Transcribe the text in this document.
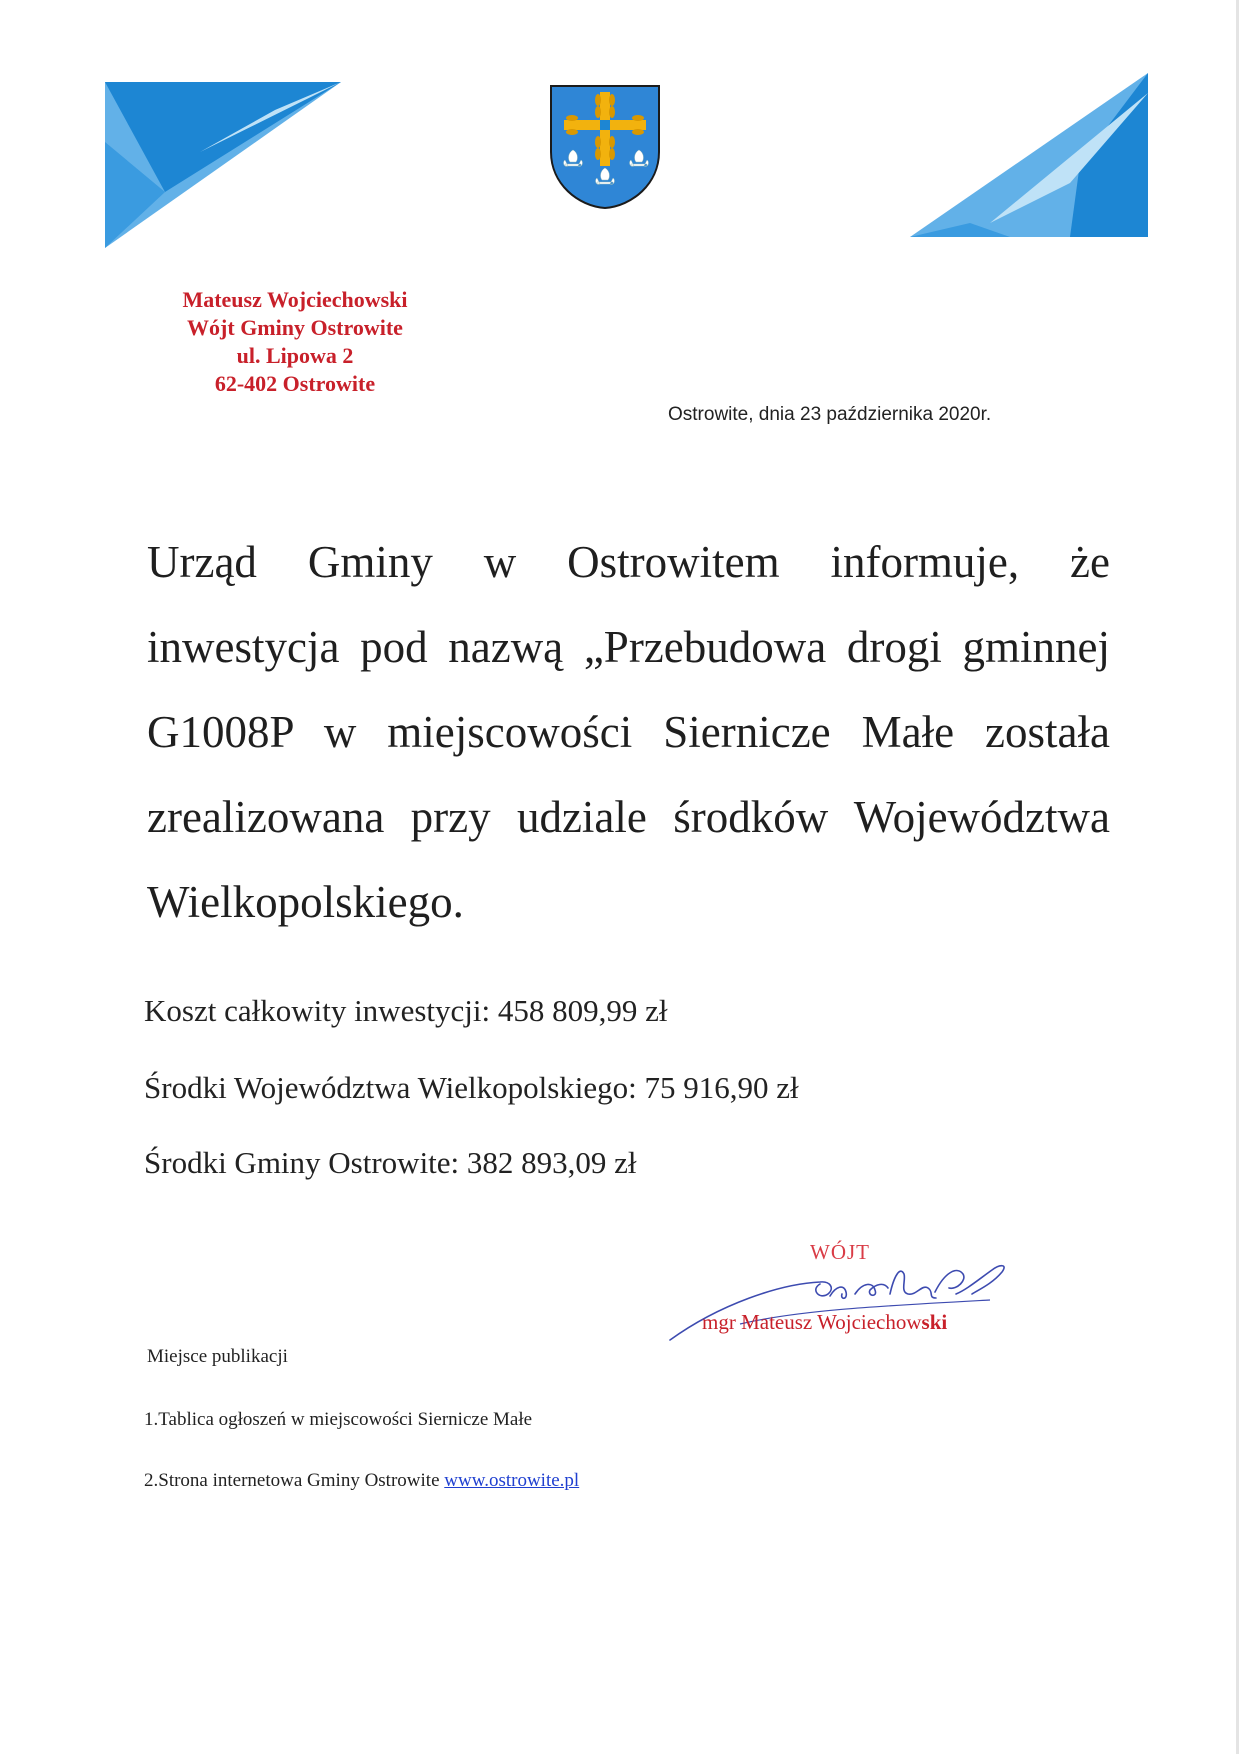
Mateusz Wojciechowski
Wójt Gminy Ostrowite
ul. Lipowa 2
62-402 Ostrowite
Ostrowite, dnia 23 października 2020r.
Urząd Gminy w Ostrowitem informuje, że inwestycja pod nazwą „Przebudowa drogi gminnej G1008P w miejscowości Siernicze Małe została zrealizowana przy udziale środków Województwa Wielkopolskiego.
Koszt całkowity inwestycji: 458 809,99 zł
Środki Województwa Wielkopolskiego: 75 916,90 zł
Środki Gminy Ostrowite: 382 893,09 zł
WÓJT
mgr Mateusz Wojciechowski
Miejsce publikacji
1.Tablica ogłoszeń w miejscowości Siernicze Małe
2.Strona internetowa Gminy Ostrowite www.ostrowite.pl
